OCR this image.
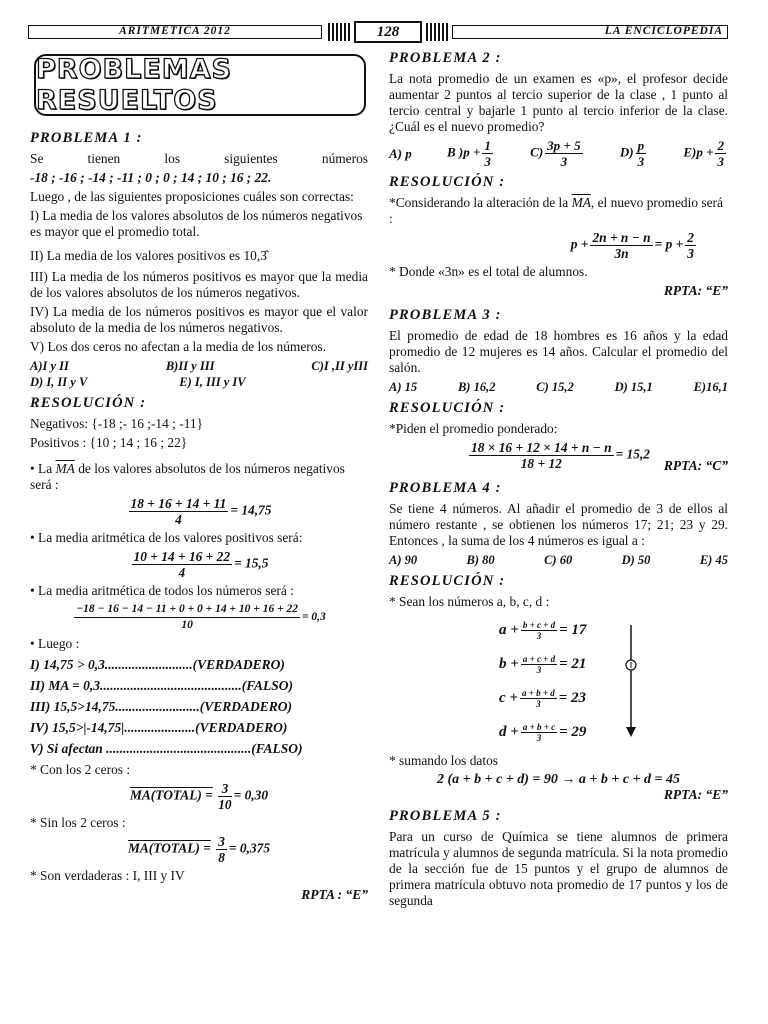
ARITMETICA 2012	128	LA ENCICLOPEDIA
PROBLEMAS RESUELTOS
PROBLEMA 1 :

Se tienen los siguientes números

-18 ; -16 ; -14 ; -11 ; 0 ; 0 ; 14 ; 10 ; 16 ; 22.

Luego , de las siguientes proposiciones cuáles son correctas:

I) La media de los valores absolutos de los números negativos es mayor que el promedio total.

II) La media de los valores positivos es 10,3̂

III) La media de los números positivos es mayor que la media de los valores absolutos de los números negativos.

IV) La media de los números positivos es mayor que el valor absoluto de la media de los números negativos.

V) Los dos ceros no afectan a la media de los números.

A)I y II	B)II y III	C)I ,II yIII
D) I, II y V	E) I, III y IV
RESOLUCIÓN :

Negativos: {-18 ;- 16 ;-14 ; -11}

Positivos : {10 ; 14 ; 16 ; 22}

• La $\overline{MA}$ de los valores absolutos de los números negativos será :

$\frac{18 + 16 + 14 + 11}{4} = 14,75$

• La media aritmética de los valores positivos será:

$\frac{10 + 14 + 16 + 22}{4} = 15,5$

• La media aritmética de todos los números será :

$\frac{-18 - 16 - 14 - 11 + 0 + 0 + 14 + 10 + 16 + 22}{10} = 0,3$

• Luego :

I) 14,75 > 0,3..........................(VERDADERO)

II) MA = 0,3..........................................(FALSO)

III) 15,5>14,75.........................(VERDADERO)

IV) 15,5>|-14,75|.....................(VERDADERO)

V) Si afectan ...........................................(FALSO)

* Con los 2 ceros :

MA(TOTAL) = $\frac{3}{10} = 0,30$

* Sin los 2 ceros :

MA(TOTAL) = $\frac{3}{8} = 0,375$

* Son verdaderas : I, III y IV

RPTA : “E”
PROBLEMA 2 :

La nota promedio de un examen es «p», el profesor decide aumentar 2 puntos al tercio superior de la clase , 1 punto al tercio central y bajarle 1 punto al tercio inferior de la clase. ¿Cuál es el nuevo promedio?

A) p	B )$p + \frac{1}{3}$	$C) \frac{3p + 5}{3}$	$D) \frac{p}{3}$	$E)p + \frac{2}{3}$
RESOLUCIÓN :

*Considerando la alteración de la $\overline{MA}$, el nuevo promedio será :

$p + \frac{2n + n - n}{3n} = p + \frac{2}{3}$

* Donde «3n» es el total de alumnos.

RPTA: “E”
PROBLEMA 3 :

El promedio de edad de 18 hombres es 16 años y la edad promedio de 12 mujeres es 14 años. Calcular el promedio del salón.

A) 15	B) 16,2	C) 15,2	D) 15,1	E)16,1
RESOLUCIÓN :

*Piden el promedio ponderado:

$\frac{18 \times 16 + 12 \times 14 + n - n}{18 + 12} = 15,2$
RPTA: “C”
PROBLEMA 4 :

Se tiene 4 números. Al añadir el promedio de 3 de ellos al número restante , se obtienen los números 17; 21; 23 y 29. Entonces , la suma de los 4 números es igual a :

A) 90	B) 80	C) 60	D) 50	E) 45
RESOLUCIÓN :

* Sean los números a, b, c, d :

$a + \frac{b + c + d}{3} = 17$
$b + \frac{a + c + d}{3} = 21$
$c + \frac{a + b + d}{3} = 23$
$d + \frac{a + b + c}{3} = 29$

* sumando los datos

2 (a + b + c + d) = 90 → a + b + c + d = 45
RPTA: “E”
PROBLEMA 5 :

Para un curso de Química se tiene alumnos de primera matrícula y alumnos de segunda matrícula. Si la nota promedio de la sección fue de 15 puntos y el grupo de alumnos de primera matrícula obtuvo nota promedio de 17 puntos y los de segunda
